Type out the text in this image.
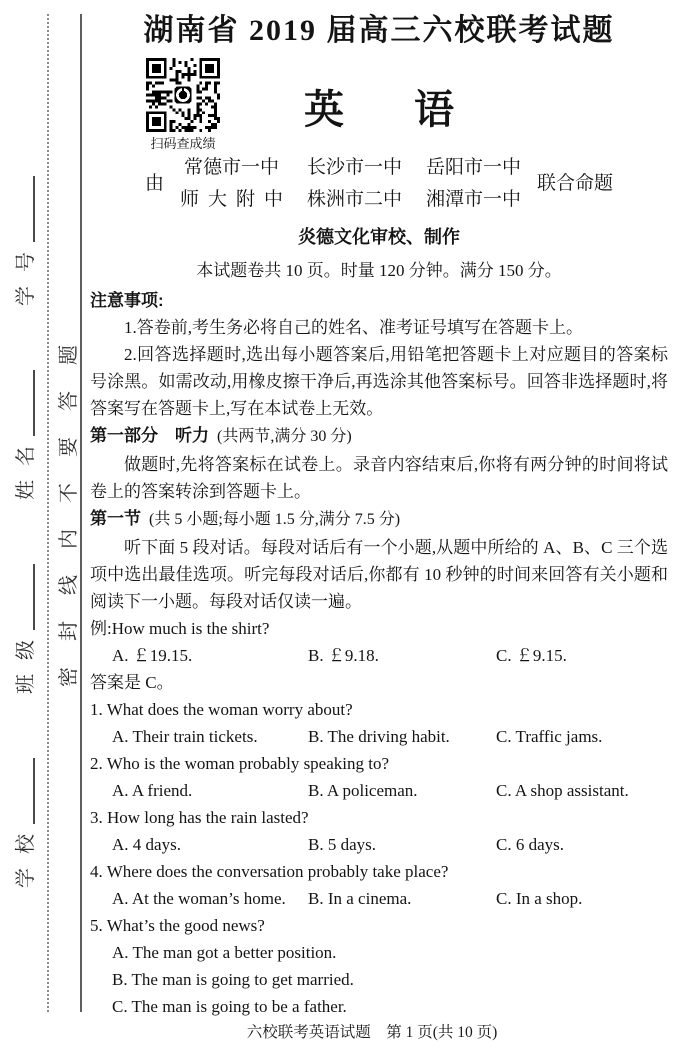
学校
班级
姓名
学号
密封线内不要答题
湖南省 2019 届高三六校联考试题
扫码查成绩
英 语
由
常德市一中 长沙市一中 岳阳市一中
师大附中 株洲市二中 湘潭市一中
联合命题
炎德文化审校、制作
本试题卷共 10 页。时量 120 分钟。满分 150 分。
注意事项:

1.答卷前,考生务必将自己的姓名、准考证号填写在答题卡上。

2.回答选择题时,选出每小题答案后,用铅笔把答题卡上对应题目的答案标号涂黑。如需改动,用橡皮擦干净后,再选涂其他答案标号。回答非选择题时,将答案写在答题卡上,写在本试卷上无效。

第一部分　听力 (共两节,满分 30 分)

做题时,先将答案标在试卷上。录音内容结束后,你将有两分钟的时间将试卷上的答案转涂到答题卡上。

第一节 (共 5 小题;每小题 1.5 分,满分 7.5 分)

听下面 5 段对话。每段对话后有一个小题,从题中所给的 A、B、C 三个选项中选出最佳选项。听完每段对话后,你都有 10 秒钟的时间来回答有关小题和阅读下一小题。每段对话仅读一遍。

例:How much is the shirt?
A. ￡19.15.	B. ￡9.18.	C. ￡9.15.
答案是 C。
1. What does the woman worry about?
A. Their train tickets.	B. The driving habit.	C. Traffic jams.
2. Who is the woman probably speaking to?
A. A friend.	B. A policeman.	C. A shop assistant.
3. How long has the rain lasted?
A. 4 days.	B. 5 days.	C. 6 days.
4. Where does the conversation probably take place?
A. At the woman’s home.	B. In a cinema.	C. In a shop.
5. What’s the good news?
A. The man got a better position.
B. The man is going to get married.
C. The man is going to be a father.
六校联考英语试题　第 1 页(共 10 页)
